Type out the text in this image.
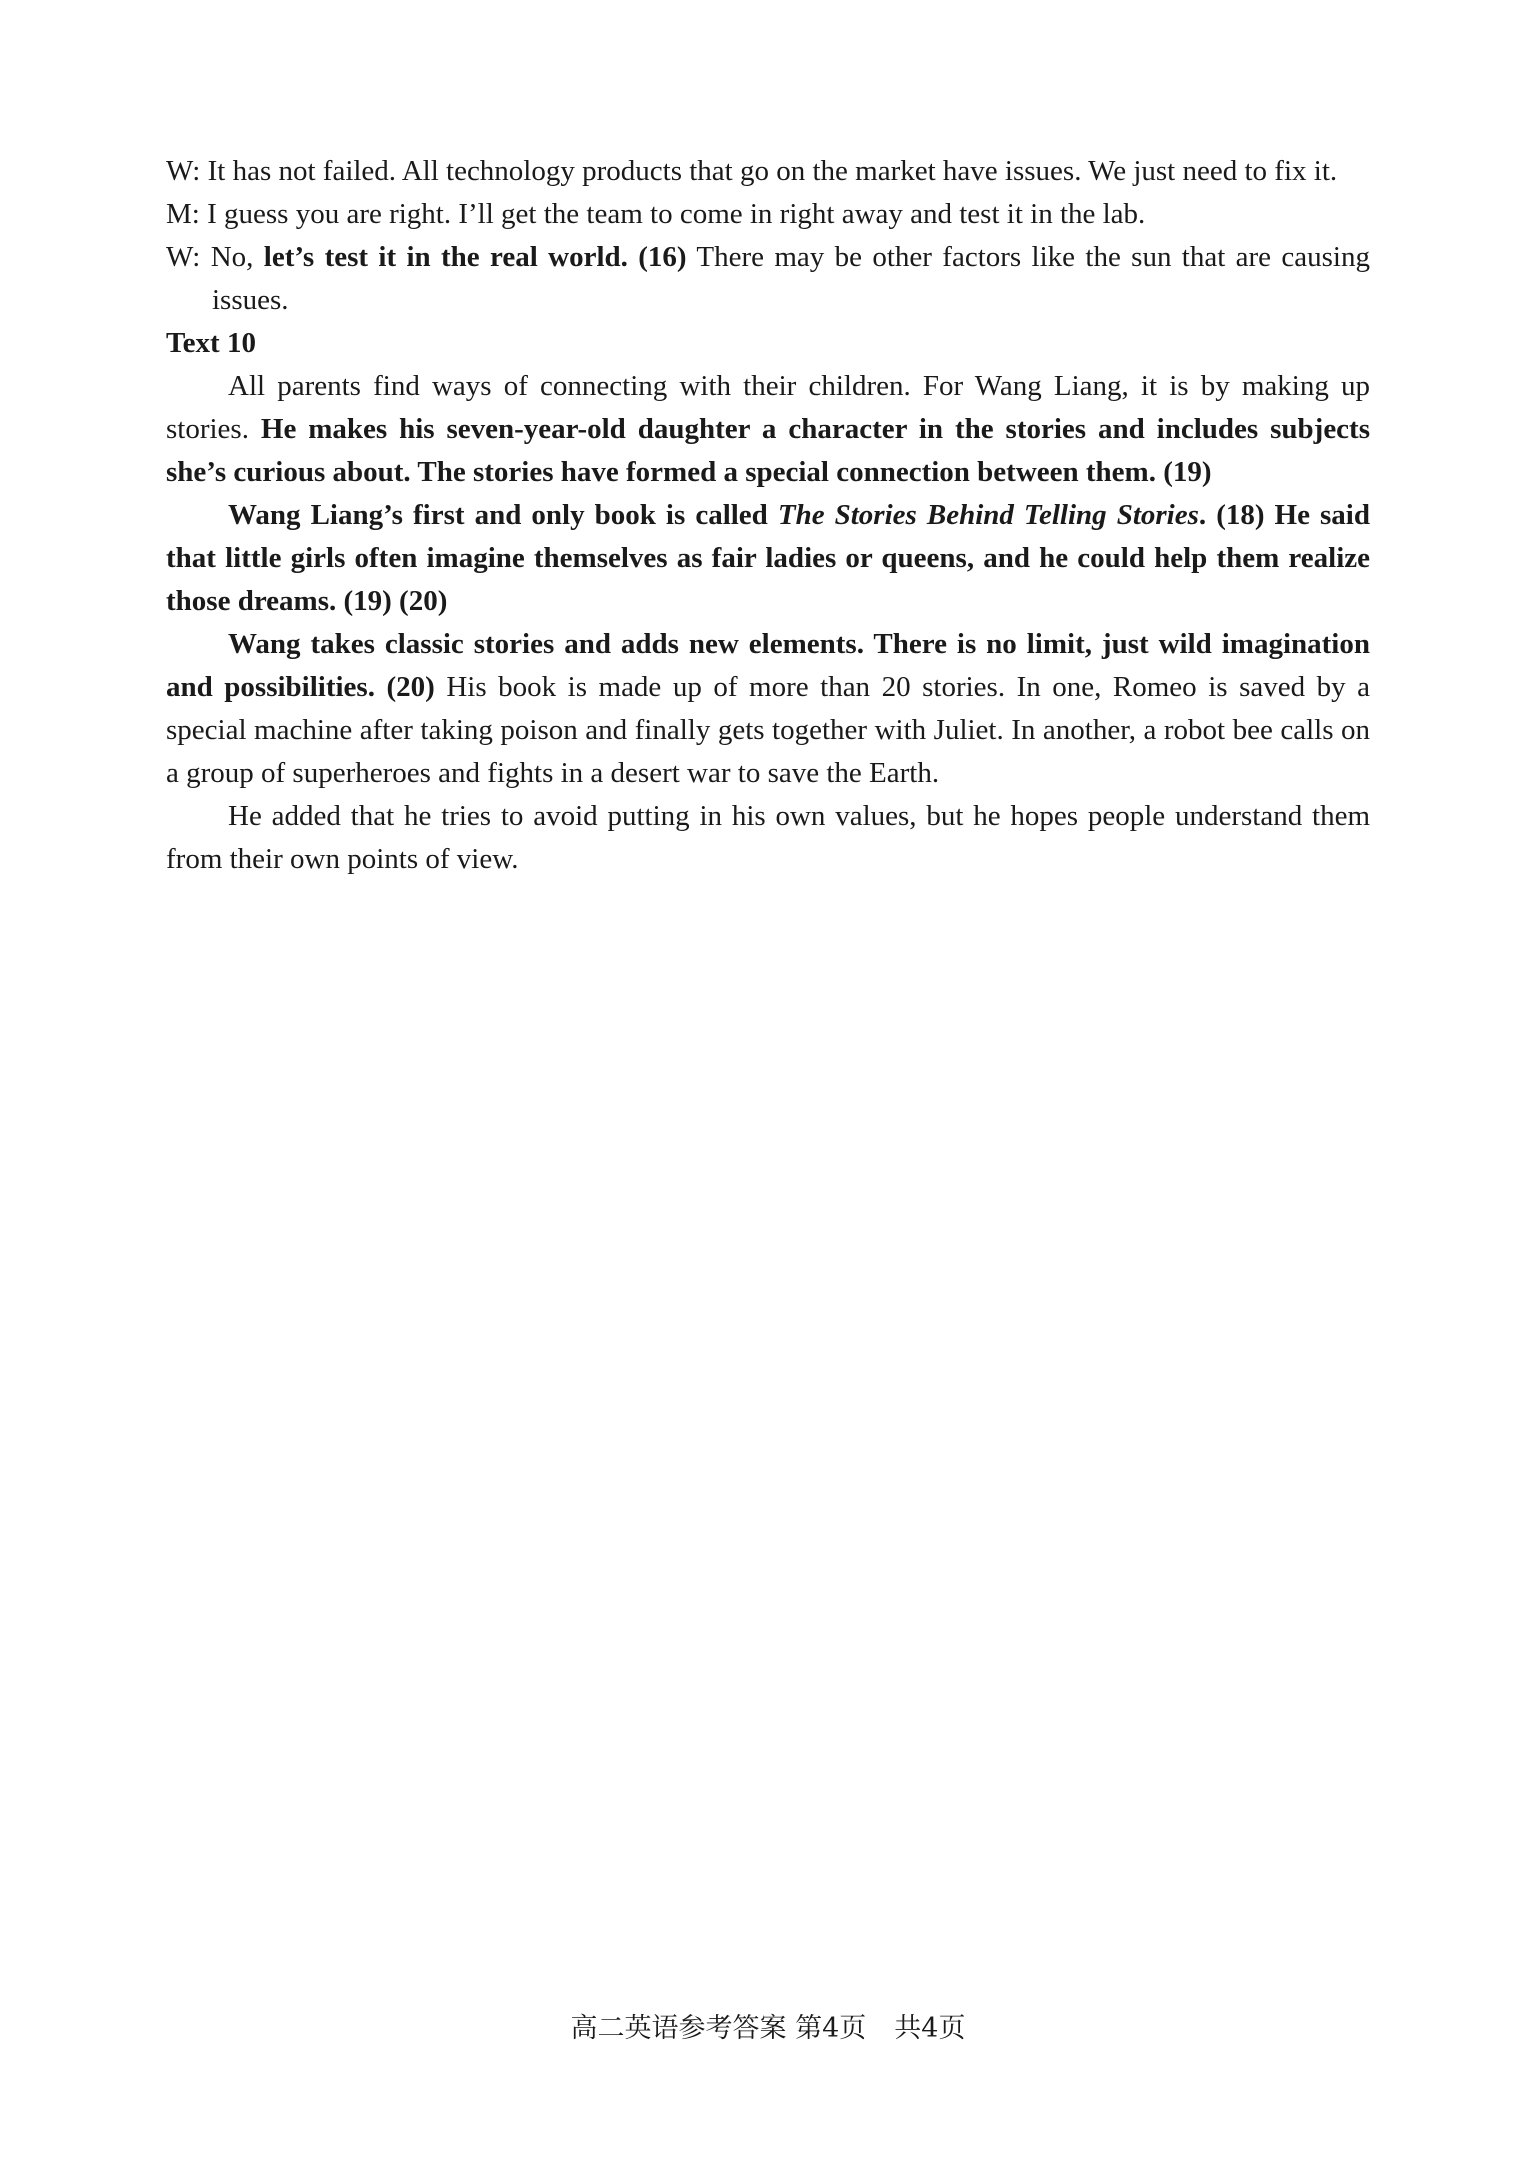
W: It has not failed. All technology products that go on the market have issues. We just need to fix it.
M: I guess you are right. I’ll get the team to come in right away and test it in the lab.
W: No, let’s test it in the real world. (16) There may be other factors like the sun that are causing issues.
Text 10
All parents find ways of connecting with their children. For Wang Liang, it is by making up stories. He makes his seven-year-old daughter a character in the stories and includes subjects she’s curious about. The stories have formed a special connection between them. (19)
Wang Liang’s first and only book is called The Stories Behind Telling Stories. (18) He said that little girls often imagine themselves as fair ladies or queens, and he could help them realize those dreams. (19) (20)
Wang takes classic stories and adds new elements. There is no limit, just wild imagination and possibilities. (20) His book is made up of more than 20 stories. In one, Romeo is saved by a special machine after taking poison and finally gets together with Juliet. In another, a robot bee calls on a group of superheroes and fights in a desert war to save the Earth.
He added that he tries to avoid putting in his own values, but he hopes people understand them from their own points of view.
高二英语参考答案 第4页 共4页
